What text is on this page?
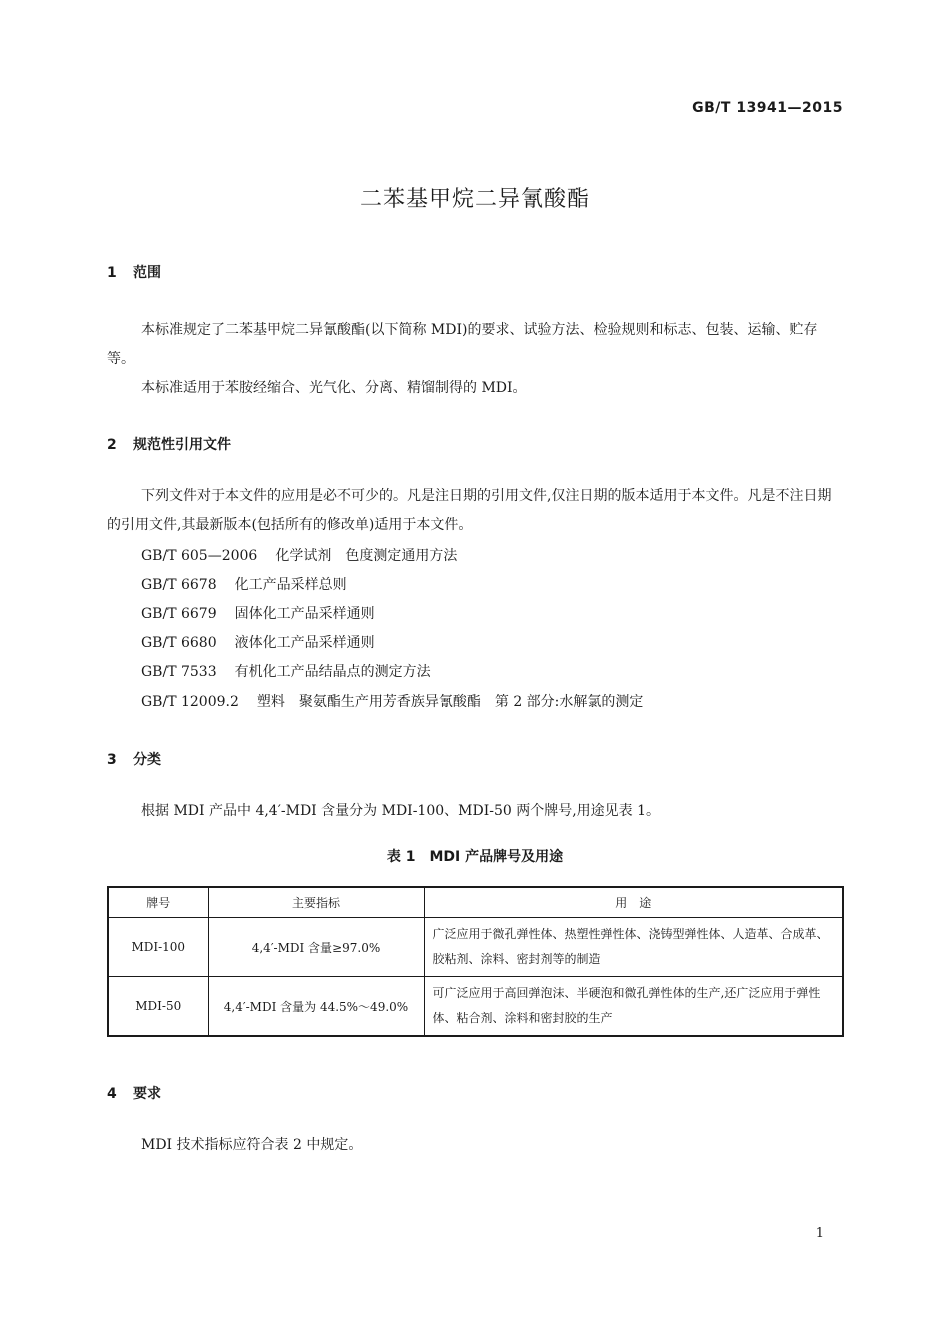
GB/T 13941—2015
二苯基甲烷二异氰酸酯
1 范围
本标准规定了二苯基甲烷二异氰酸酯(以下简称 MDI)的要求、试验方法、检验规则和标志、包装、运输、贮存等。
本标准适用于苯胺经缩合、光气化、分离、精馏制得的 MDI。
2 规范性引用文件
下列文件对于本文件的应用是必不可少的。凡是注日期的引用文件,仅注日期的版本适用于本文件。凡是不注日期的引用文件,其最新版本(包括所有的修改单)适用于本文件。
GB/T 605—2006 化学试剂　色度测定通用方法
GB/T 6678 化工产品采样总则
GB/T 6679 固体化工产品采样通则
GB/T 6680 液体化工产品采样通则
GB/T 7533 有机化工产品结晶点的测定方法
GB/T 12009.2 塑料　聚氨酯生产用芳香族异氰酸酯　第 2 部分:水解氯的测定
3 分类
根据 MDI 产品中 4,4′-MDI 含量分为 MDI-100、MDI-50 两个牌号,用途见表 1。
表 1　MDI 产品牌号及用途
牌号	主要指标	用　途
MDI-100	4,4′-MDI 含量≥97.0%	广泛应用于微孔弹性体、热塑性弹性体、浇铸型弹性体、人造革、合成革、胶粘剂、涂料、密封剂等的制造
MDI-50	4,4′-MDI 含量为 44.5%～49.0%	可广泛应用于高回弹泡沫、半硬泡和微孔弹性体的生产,还广泛应用于弹性体、粘合剂、涂料和密封胶的生产
4 要求
MDI 技术指标应符合表 2 中规定。
1
